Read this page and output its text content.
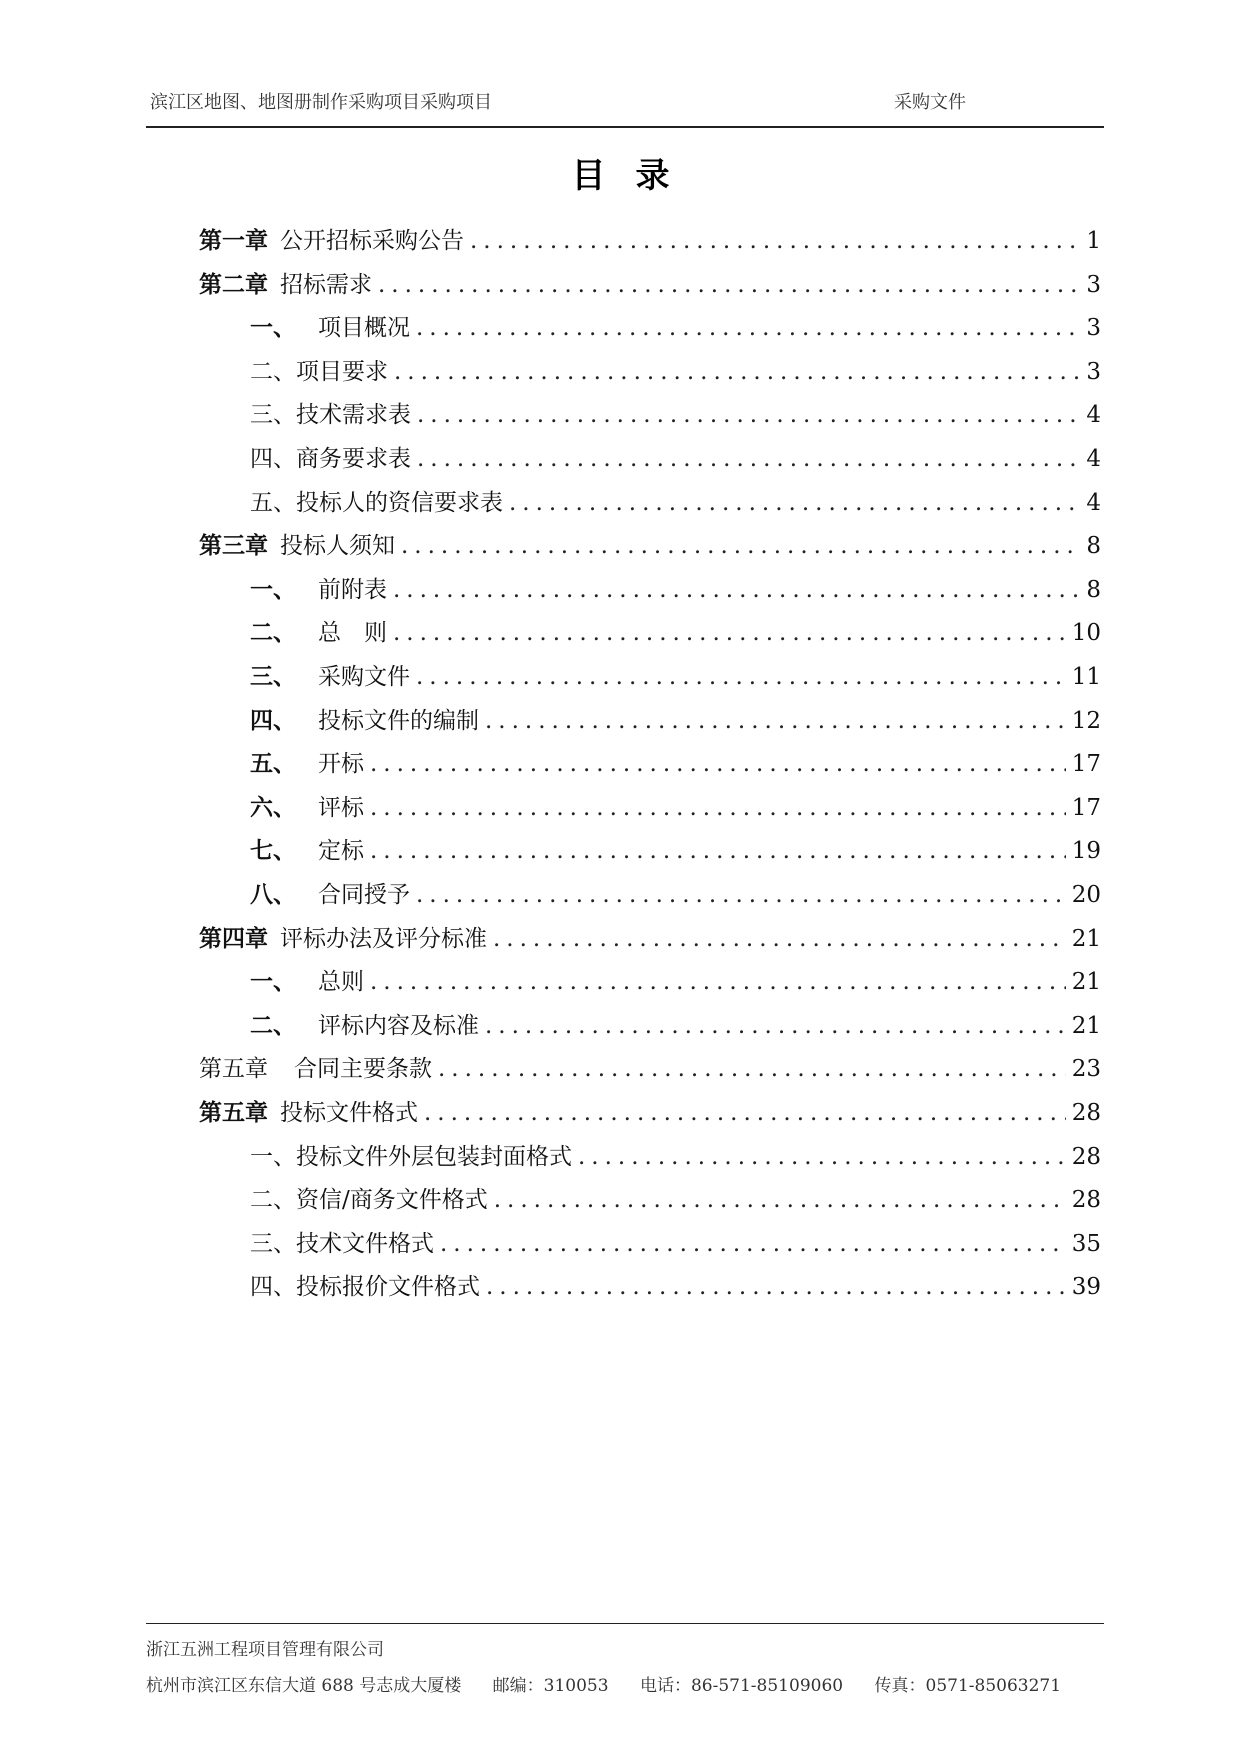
滨江区地图、地图册制作采购项目采购项目	采购文件
目录
第一章 公开招标采购公告 .....	1
第二章 招标需求 .....	3
一、 项目概况 .....	3
二、项目要求 .....	3
三、技术需求表 .....	4
四、商务要求表 .....	4
五、投标人的资信要求表 .....	4
第三章 投标人须知 .....	8
一、 前附表 .....	8
二、 总　则 .....	10
三、 采购文件 .....	11
四、 投标文件的编制 .....	12
五、 开标 .....	17
六、 评标 .....	17
七、 定标 .....	19
八、 合同授予 .....	20
第四章 评标办法及评分标准 .....	21
一、 总则 .....	21
二、 评标内容及标准 .....	21
第五章 合同主要条款 .....	23
第五章 投标文件格式 .....	28
一、投标文件外层包装封面格式 .....	28
二、资信/商务文件格式 .....	28
三、技术文件格式 .....	35
四、投标报价文件格式 .....	39
浙江五洲工程项目管理有限公司
杭州市滨江区东信大道 688 号志成大厦楼 邮编：310053 电话：86-571-85109060 传真：0571-85063271
